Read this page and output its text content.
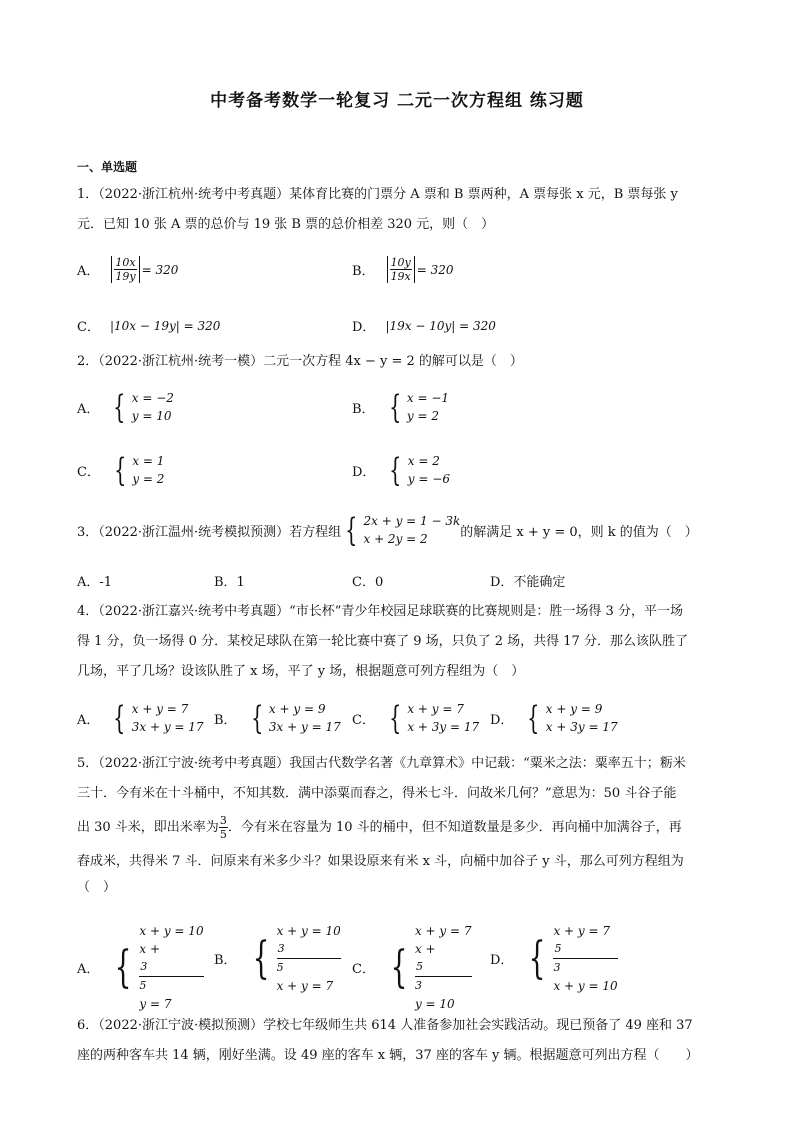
中考备考数学一轮复习 二元一次方程组 练习题
一、单选题
1．（2022·浙江杭州·统考中考真题）某体育比赛的门票分 A 票和 B 票两种，A 票每张 x 元，B 票每张 y
元．已知 10 张 A 票的总价与 19 张 B 票的总价相差 320 元，则（　）
A． $\frac{10x}{19y} = 320$	B． $\frac{10y}{19x} = 320$
C． |10x − 19y| = 320	D． |19x − 10y| = 320
2．（2022·浙江杭州·统考一模）二元一次方程 4x − y = 2 的解可以是（　）
A． { x = −2
y = 10	B． { x = −1
y = 2
C． { x = 1
y = 2	D． { x = 2
y = −6
3．（2022·浙江温州·统考模拟预测）若方程组 { 2x + y = 1 − 3k
x + 2y = 2	的解满足 x + y = 0，则 k 的值为（　）
A．-1	B．1	C．0	D．不能确定
4．（2022·浙江嘉兴·统考中考真题）“市长杯”青少年校园足球联赛的比赛规则是：胜一场得 3 分，平一场
得 1 分，负一场得 0 分．某校足球队在第一轮比赛中赛了 9 场，只负了 2 场，共得 17 分．那么该队胜了
几场，平了几场？设该队胜了 x 场，平了 y 场，根据题意可列方程组为（　）
A． { x + y = 7
3x + y = 17 B． { x + y = 9
3x + y = 17 C． { x + y = 7
x + 3y = 17 D． { x + y = 9
x + 3y = 17
5．（2022·浙江宁波·统考中考真题）我国古代数学名著《九章算术》中记载：“粟米之法：粟率五十；粝米
三十．今有米在十斗桶中，不知其数．满中添粟而舂之，得米七斗．问故米几何？”意思为：50 斗谷子能
出 30 斗米，即出米率为 $\frac{3}{5}$ ．今有米在容量为 10 斗的桶中，但不知道数量是多少．再向桶中加满谷子，再
舂成米，共得米 7 斗．问原来有米多少斗？如果设原来有米 x 斗，向桶中加谷子 y 斗，那么可列方程组为
（　）
A． {
x + y = 10
x +
3
5
y = 7
B． {
x + y = 10
3
5
x + y = 7
C． {
x + y = 7
x +
5
3
y = 10
D． {
x + y = 7
5
3
x + y = 10
6．（2022·浙江宁波·模拟预测）学校七年级师生共 614 人准备参加社会实践活动。现已预备了 49 座和 37
座的两种客车共 14 辆，刚好坐满。设 49 座的客车 x 辆，37 座的客车 y 辆。根据题意可列出方程（　　）
